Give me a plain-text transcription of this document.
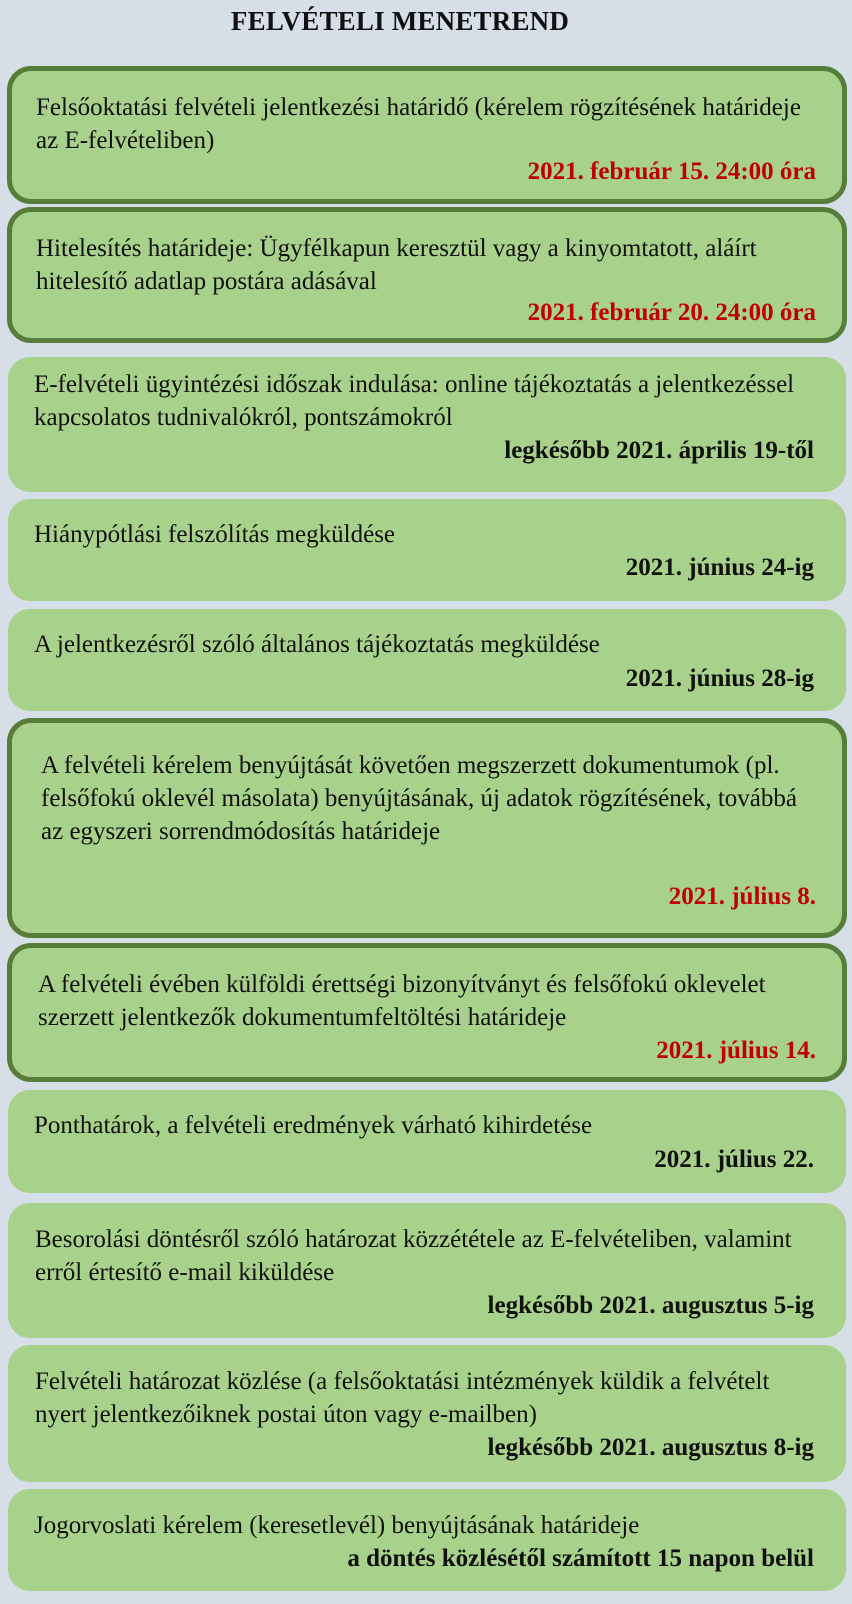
FELVÉTELI MENETREND
Felsőoktatási felvételi jelentkezési határidő (kérelem rögzítésének határideje az E-felvételiben)
2021. február 15. 24:00 óra
Hitelesítés határideje: Ügyfélkapun keresztül vagy a kinyomtatott, aláírt hitelesítő adatlap postára adásával
2021. február 20. 24:00 óra
E-felvételi ügyintézési időszak indulása: online tájékoztatás a jelentkezéssel kapcsolatos tudnivalókról, pontszámokról
legkésőbb 2021. április 19-től
Hiánypótlási felszólítás megküldése
2021. június 24-ig
A jelentkezésről szóló általános tájékoztatás megküldése
2021. június 28-ig
A felvételi kérelem benyújtását követően megszerzett dokumentumok (pl. felsőfokú oklevél másolata) benyújtásának, új adatok rögzítésének, továbbá az egyszeri sorrendmódosítás határideje
2021. július 8.
A felvételi évében külföldi érettségi bizonyítványt és felsőfokú oklevelet szerzett jelentkezők dokumentumfeltöltési határideje
2021. július 14.
Ponthatárok, a felvételi eredmények várható kihirdetése
2021. július 22.
Besorolási döntésről szóló határozat közzététele az E-felvételiben, valamint erről értesítő e-mail kiküldése
legkésőbb 2021. augusztus 5-ig
Felvételi határozat közlése (a felsőoktatási intézmények küldik a felvételt nyert jelentkezőiknek postai úton vagy e-mailben)
legkésőbb 2021. augusztus 8-ig
Jogorvoslati kérelem (keresetlevél) benyújtásának határideje
a döntés közlésétől számított 15 napon belül
